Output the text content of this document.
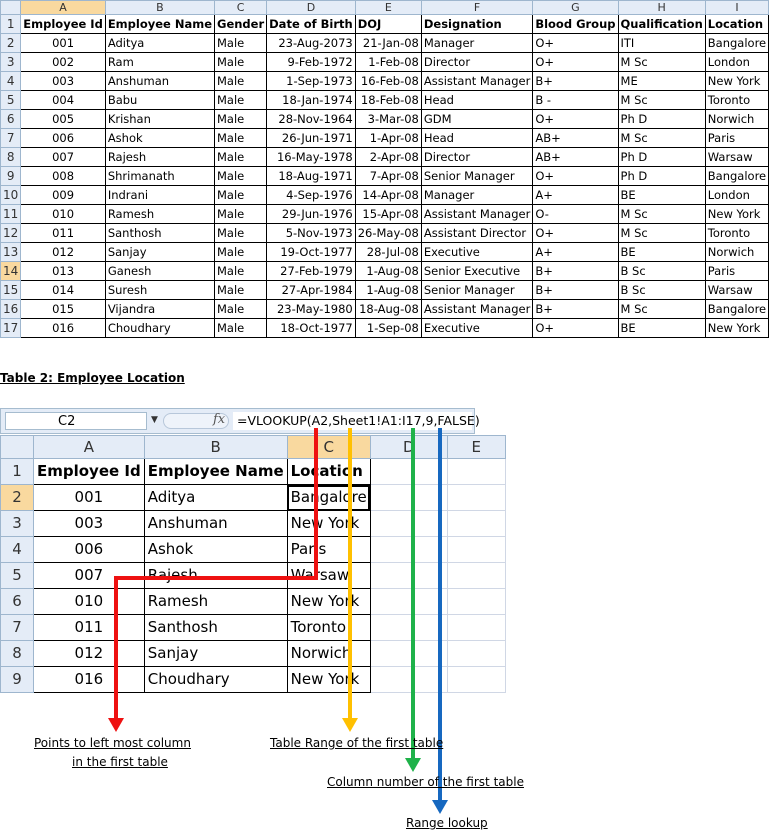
	A	B	C	D	E	F	G	H	I
1	Employee Id	Employee Name	Gender	Date of Birth	DOJ	Designation	Blood Group	Qualification	Location
2	001	Aditya	Male	23-Aug-2073	21-Jan-08	Manager	O+	ITI	Bangalore
3	002	Ram	Male	9-Feb-1972	1-Feb-08	Director	O+	M Sc	London
4	003	Anshuman	Male	1-Sep-1973	16-Feb-08	Assistant Manager	B+	ME	New York
5	004	Babu	Male	18-Jan-1974	18-Feb-08	Head	B -	M Sc	Toronto
6	005	Krishan	Male	28-Nov-1964	3-Mar-08	GDM	O+	Ph D	Norwich
7	006	Ashok	Male	26-Jun-1971	1-Apr-08	Head	AB+	M Sc	Paris
8	007	Rajesh	Male	16-May-1978	2-Apr-08	Director	AB+	Ph D	Warsaw
9	008	Shrimanath	Male	18-Aug-1971	7-Apr-08	Senior Manager	O+	Ph D	Bangalore
10	009	Indrani	Male	4-Sep-1976	14-Apr-08	Manager	A+	BE	London
11	010	Ramesh	Male	29-Jun-1976	15-Apr-08	Assistant Manager	O-	M Sc	New York
12	011	Santhosh	Male	5-Nov-1973	26-May-08	Assistant Director	O+	M Sc	Toronto
13	012	Sanjay	Male	19-Oct-1977	28-Jul-08	Executive	A+	BE	Norwich
14	013	Ganesh	Male	27-Feb-1979	1-Aug-08	Senior Executive	B+	B Sc	Paris
15	014	Suresh	Male	27-Apr-1984	1-Aug-08	Senior Manager	B+	B Sc	Warsaw
16	015	Vijandra	Male	23-May-1980	18-Aug-08	Assistant Manager	B+	M Sc	Bangalore
17	016	Choudhary	Male	18-Oct-1977	1-Sep-08	Executive	O+	BE	New York
Table 2: Employee Location
C2	▼	fx =VLOOKUP(A2,Sheet1!A1:I17,9,FALSE)
	A	B	C	D	E
1	Employee Id	Employee Name	Location		
2	001	Aditya	Bangalore		
3	003	Anshuman	New York		
4	006	Ashok	Paris		
5	007	Rajesh	Warsaw		
6	010	Ramesh	New York		
7	011	Santhosh	Toronto		
8	012	Sanjay	Norwich		
9	016	Choudhary	New York		
Points to left most column
in the first table
Table Range of the first table
Column number of the first table
Range lookup
